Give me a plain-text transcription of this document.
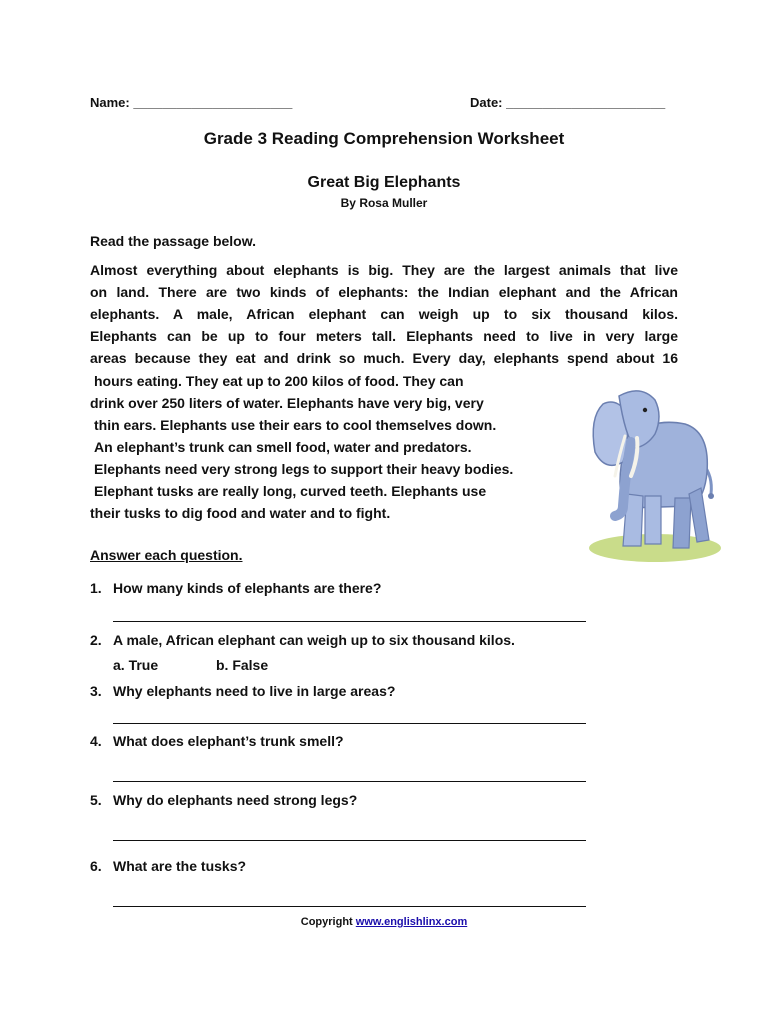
Name: ______________________	Date: ______________________
Grade 3 Reading Comprehension Worksheet
Great Big Elephants
By Rosa Muller
Read the passage below.
Almost everything about elephants is big. They are the largest animals that live
on land. There are two kinds of elephants: the Indian elephant and the African
elephants. A male, African elephant can weigh up to six thousand kilos.
Elephants can be up to four meters tall. Elephants need to live in very large
areas because they eat and drink so much. Every day, elephants spend about 16
hours eating. They eat up to 200 kilos of food. They can
drink over 250 liters of water. Elephants have very big, very
thin ears. Elephants use their ears to cool themselves down.
An elephant’s trunk can smell food, water and predators.
Elephants need very strong legs to support their heavy bodies.
Elephant tusks are really long, curved teeth. Elephants use
their tusks to dig food and water and to fight.
Answer each question.
1. How many kinds of elephants are there?
2. A male, African elephant can weigh up to six thousand kilos.
a. True	b. False
3. Why elephants need to live in large areas?
4. What does elephant’s trunk smell?
5. Why do elephants need strong legs?
6. What are the tusks?
Copyright www.englishlinx.com
